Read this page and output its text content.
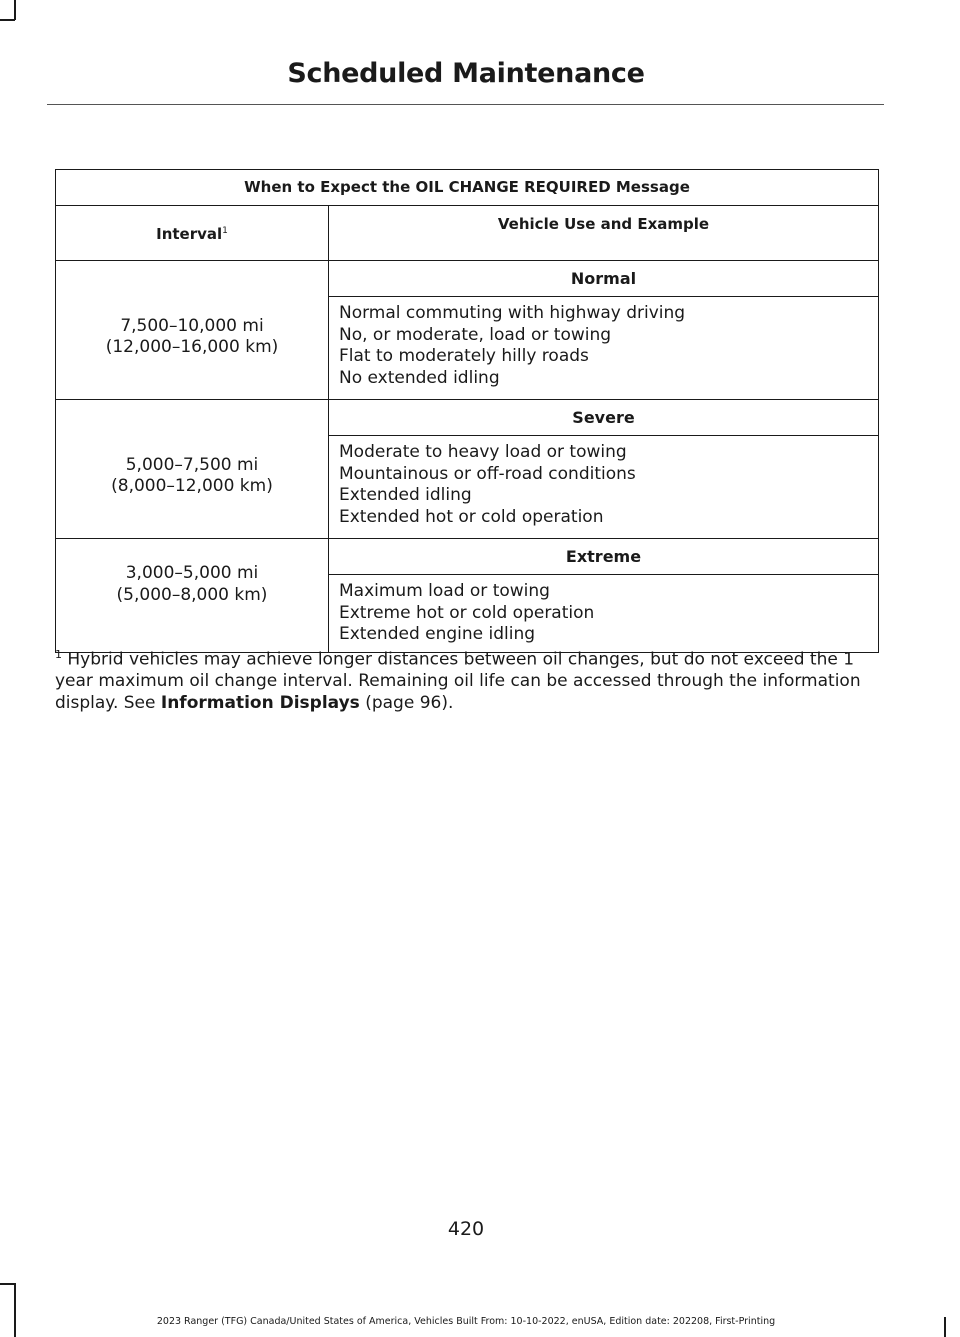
Scheduled Maintenance
When to Expect the OIL CHANGE REQUIRED Message	
Interval$^1$	Vehicle Use and Example

7,500–10,000 mi
(12,000–16,000 km)	Normal

	Normal commuting with highway driving
No, or moderate, load or towing
Flat to moderately hilly roads
No extended idling

5,000–7,500 mi
(8,000–12,000 km)	Severe

	Moderate to heavy load or towing
Mountainous or off-road conditions
Extended idling
Extended hot or cold operation

3,000–5,000 mi
(5,000–8,000 km)	Extreme

	Maximum load or towing
Extreme hot or cold operation
Extended engine idling
$^1$ Hybrid vehicles may achieve longer distances between oil changes, but do not exceed the 1 year maximum oil change interval. Remaining oil life can be accessed through the information display. See Information Displays (page 96).
420
2023 Ranger (TFG) Canada/United States of America, Vehicles Built From: 10-10-2022, enUSA, Edition date: 202208, First-Printing
